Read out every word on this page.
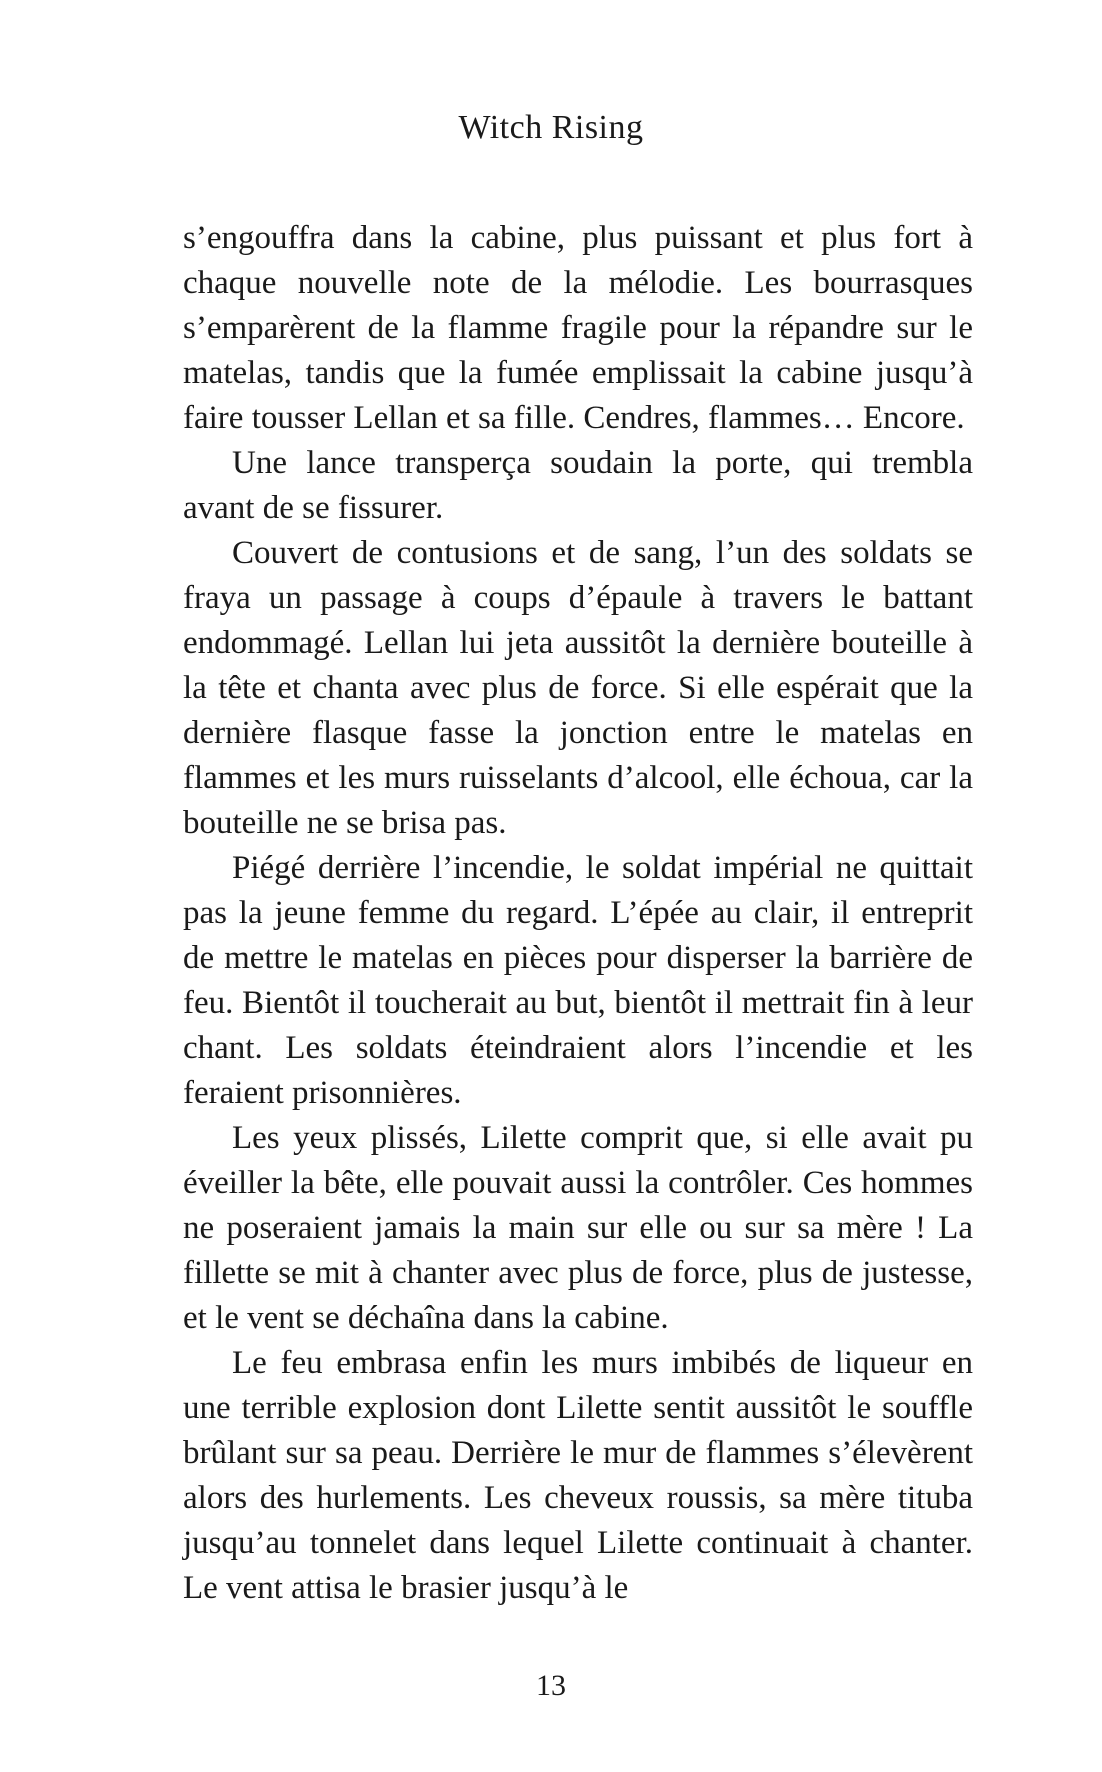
Witch Rising

s’engouffra dans la cabine, plus puissant et plus fort à chaque nouvelle note de la mélodie. Les bourrasques s’emparèrent de la flamme fragile pour la répandre sur le matelas, tandis que la fumée emplissait la cabine jusqu’à faire tousser Lellan et sa fille. Cendres, flammes… Encore.

Une lance transperça soudain la porte, qui trembla avant de se fissurer.

Couvert de contusions et de sang, l’un des soldats se fraya un passage à coups d’épaule à travers le battant endommagé. Lellan lui jeta aussitôt la dernière bouteille à la tête et chanta avec plus de force. Si elle espérait que la dernière flasque fasse la jonction entre le matelas en flammes et les murs ruisselants d’alcool, elle échoua, car la bouteille ne se brisa pas.

Piégé derrière l’incendie, le soldat impérial ne quittait pas la jeune femme du regard. L’épée au clair, il entreprit de mettre le matelas en pièces pour disperser la barrière de feu. Bientôt il toucherait au but, bientôt il mettrait fin à leur chant. Les soldats éteindraient alors l’incendie et les feraient prisonnières.

Les yeux plissés, Lilette comprit que, si elle avait pu éveiller la bête, elle pouvait aussi la contrôler. Ces hommes ne poseraient jamais la main sur elle ou sur sa mère ! La fillette se mit à chanter avec plus de force, plus de justesse, et le vent se déchaîna dans la cabine.

Le feu embrasa enfin les murs imbibés de liqueur en une terrible explosion dont Lilette sentit aussitôt le souffle brûlant sur sa peau. Derrière le mur de flammes s’élevèrent alors des hurlements. Les cheveux roussis, sa mère tituba jusqu’au tonnelet dans lequel Lilette continuait à chanter. Le vent attisa le brasier jusqu’à le

13
